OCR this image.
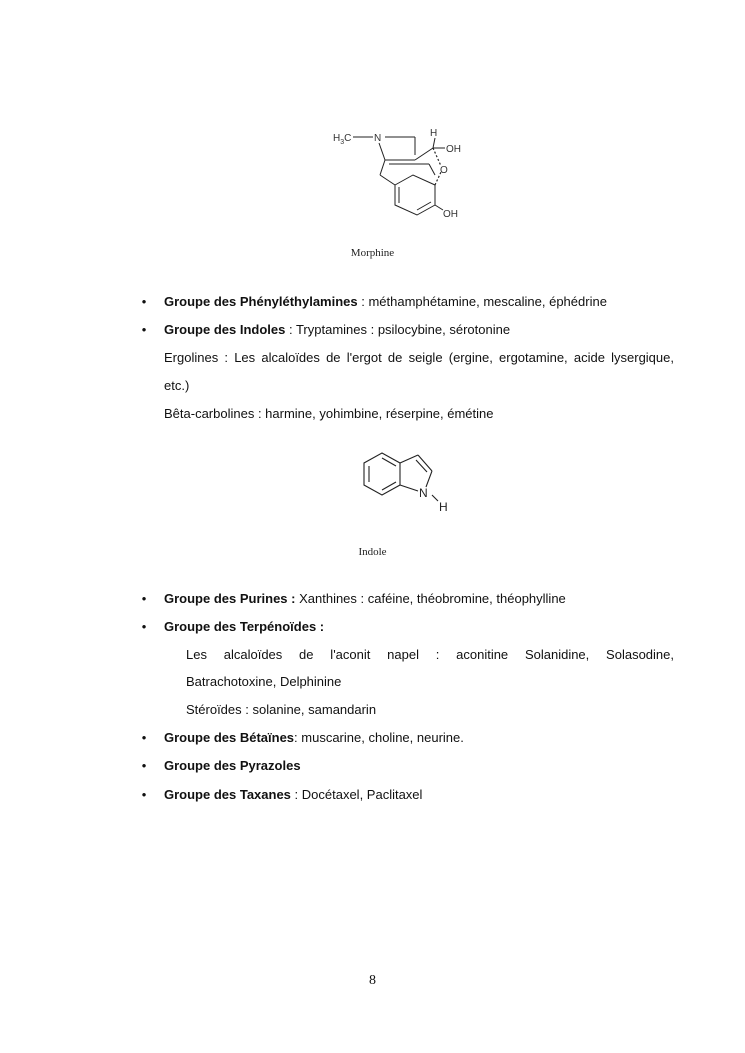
$H_3C$ N	H
OH
O
OH
Morphine
• Groupe des Phényléthylamines : méthamphétamine, mescaline, éphédrine
• Groupe des Indoles : Tryptamines : psilocybine, sérotonine
Ergolines : Les alcaloïdes de l'ergot de seigle (ergine, ergotamine, acide lysergique,
etc.)
Bêta-carbolines : harmine, yohimbine, réserpine, émétine
N
H
Indole
• Groupe des Purines : Xanthines : caféine, théobromine, théophylline
• Groupe des Terpénoïdes :
Les alcaloïdes de l'aconit napel : aconitine Solanidine, Solasodine,
Batrachotoxine, Delphinine
Stéroïdes : solanine, samandarin
• Groupe des Bétaïnes: muscarine, choline, neurine.
• Groupe des Pyrazoles
• Groupe des Taxanes : Docétaxel, Paclitaxel
8
